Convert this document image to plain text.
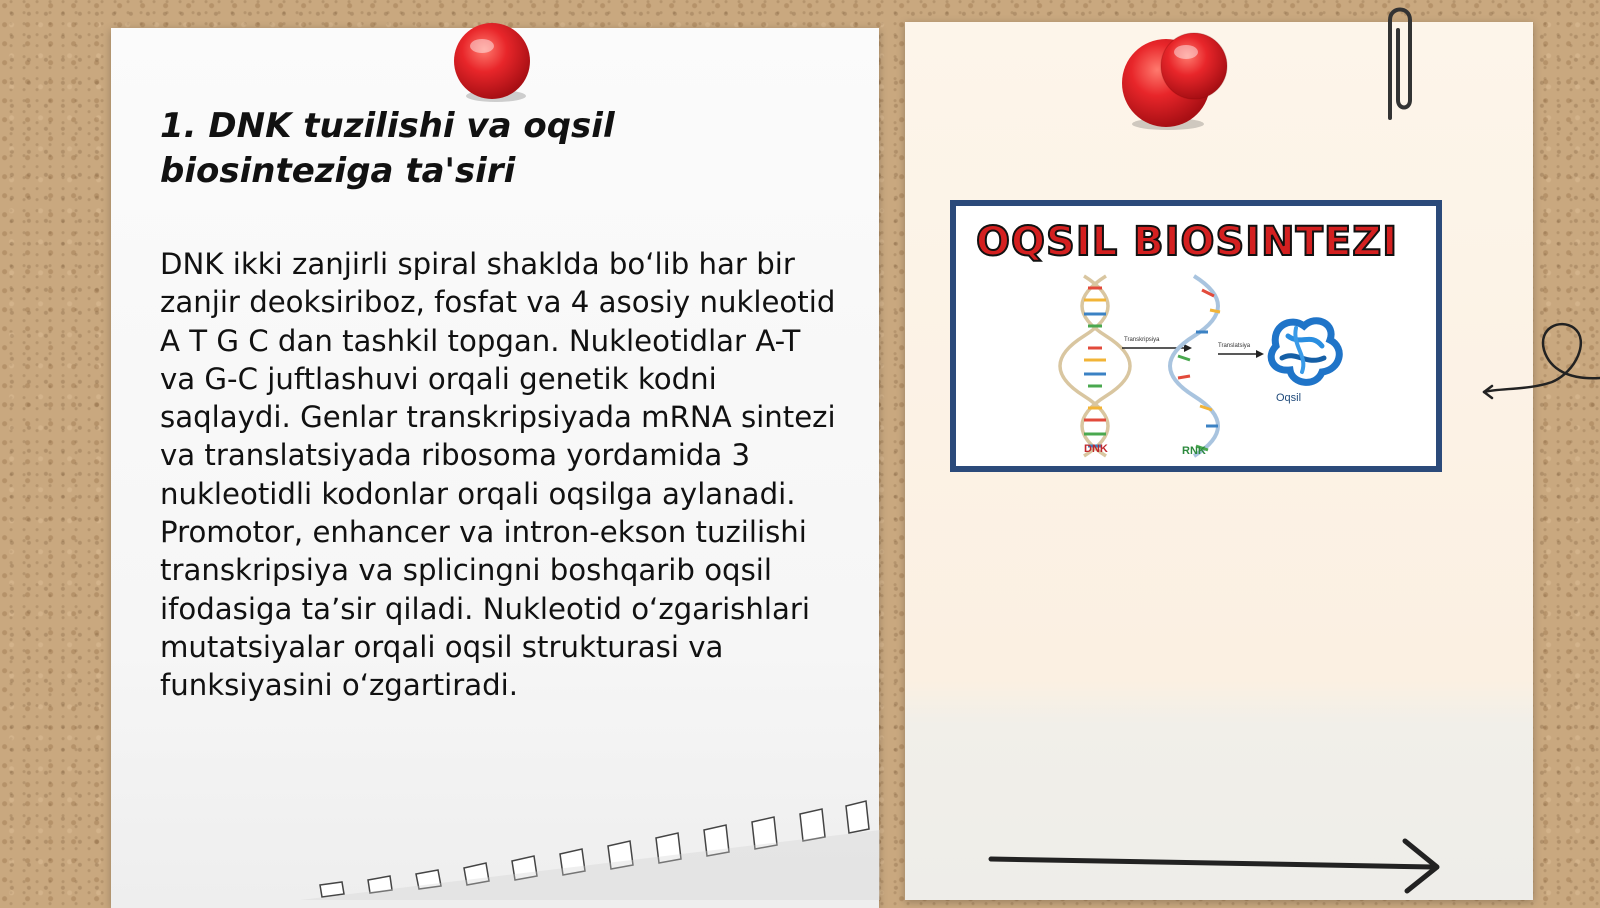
1. DNK tuzilishi va oqsil biosinteziga ta'siri
DNK ikki zanjirli spiral shaklda bo‘lib har bir zanjir deoksiriboz, fosfat va 4 asosiy nukleotid A T G C dan tashkil topgan. Nukleotidlar A-T va G-C juftlashuvi orqali genetik kodni saqlaydi. Genlar transkripsiyada mRNA sintezi va translatsiyada ribosoma yordamida 3 nukleotidli kodonlar orqali oqsilga aylanadi. Promotor, enhancer va intron-ekson tuzilishi transkripsiya va splicingni boshqarib oqsil ifodasiga ta’sir qiladi. Nukleotid o‘zgarishlari mutatsiyalar orqali oqsil strukturasi va funksiyasini o‘zgartiradi.
OQSIL BIOSINTEZI
Transkripsiya
Translatsiya
DNK	RNK
Oqsil
